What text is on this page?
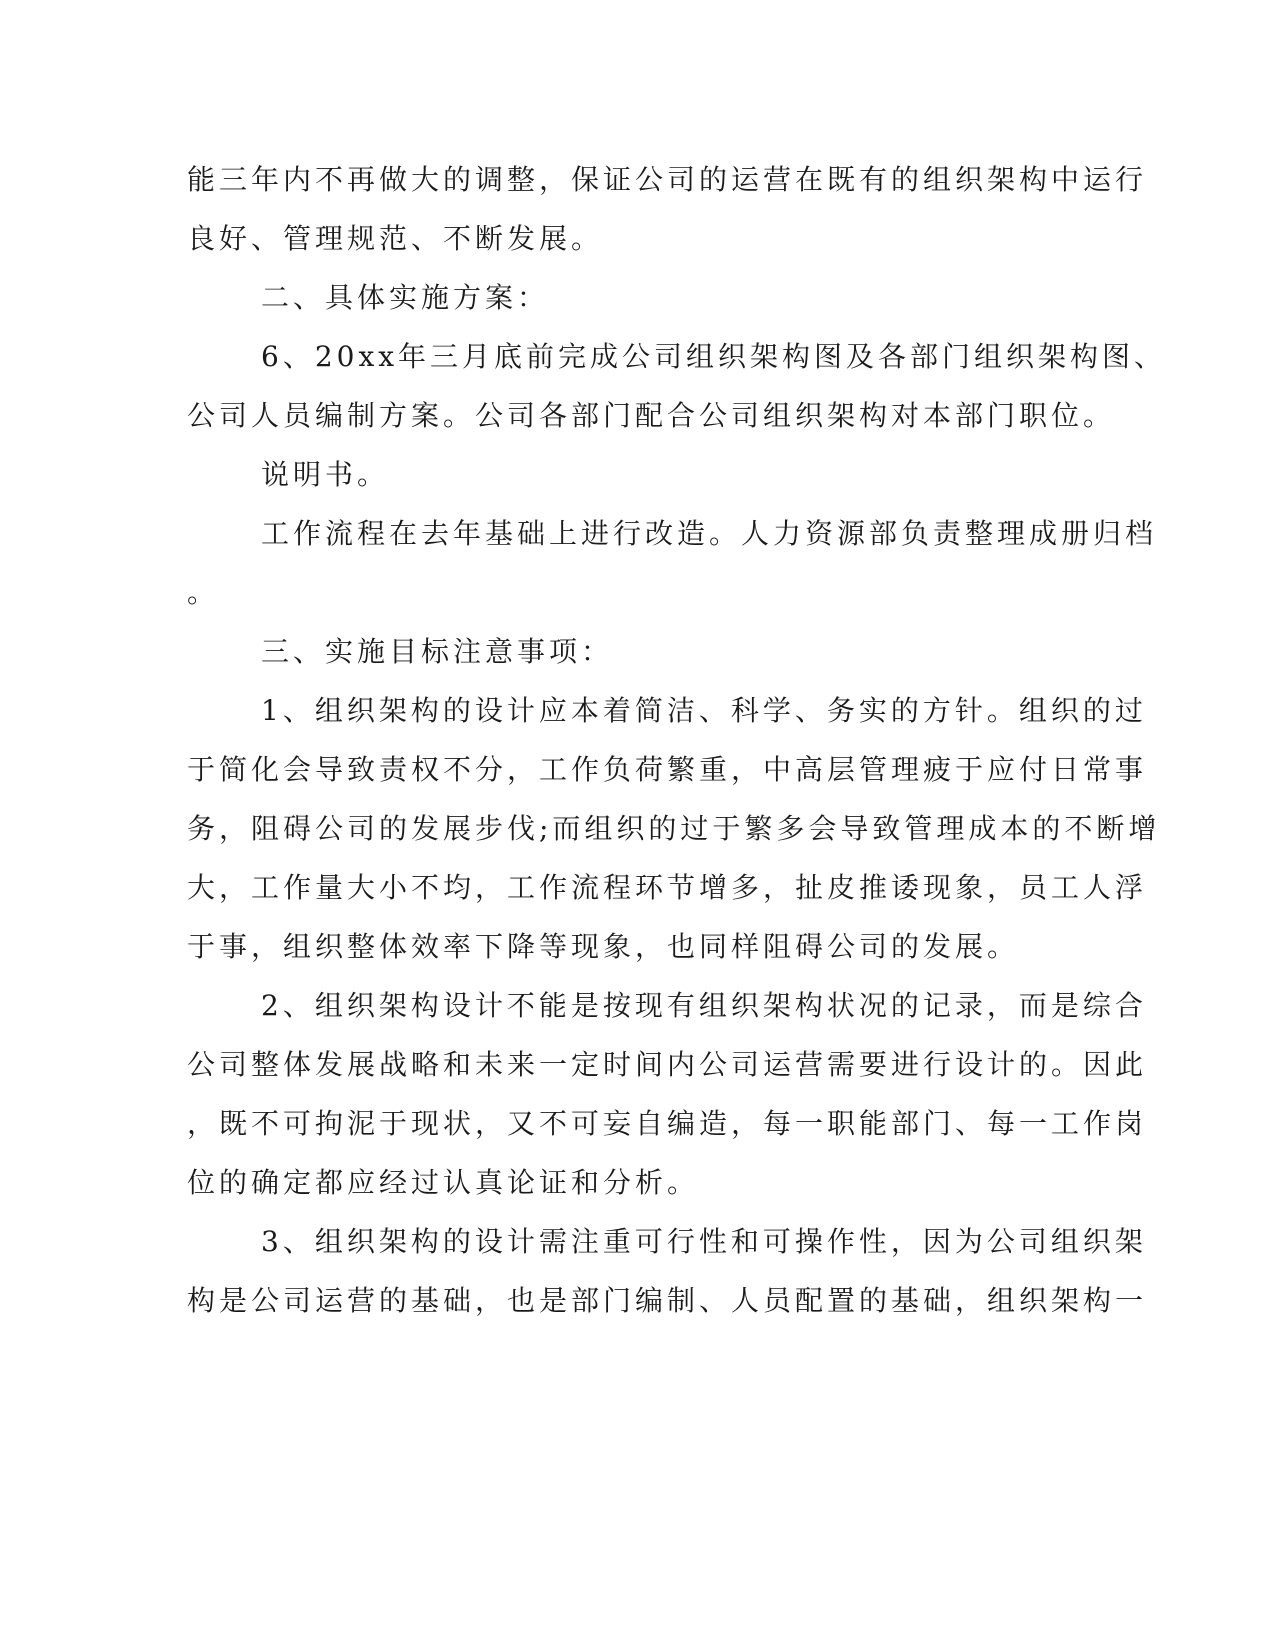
能三年内不再做大的调整，保证公司的运营在既有的组织架构中运行
良好、管理规范、不断发展。
二、具体实施方案：
6、20xx年三月底前完成公司组织架构图及各部门组织架构图、
公司人员编制方案。公司各部门配合公司组织架构对本部门职位。
说明书。
工作流程在去年基础上进行改造。人力资源部负责整理成册归档
。
三、实施目标注意事项：
1、组织架构的设计应本着简洁、科学、务实的方针。组织的过
于简化会导致责权不分，工作负荷繁重，中高层管理疲于应付日常事
务，阻碍公司的发展步伐;而组织的过于繁多会导致管理成本的不断增
大，工作量大小不均，工作流程环节增多，扯皮推诿现象，员工人浮
于事，组织整体效率下降等现象，也同样阻碍公司的发展。
2、组织架构设计不能是按现有组织架构状况的记录，而是综合
公司整体发展战略和未来一定时间内公司运营需要进行设计的。因此
，既不可拘泥于现状，又不可妄自编造，每一职能部门、每一工作岗
位的确定都应经过认真论证和分析。
3、组织架构的设计需注重可行性和可操作性，因为公司组织架
构是公司运营的基础，也是部门编制、人员配置的基础，组织架构一
